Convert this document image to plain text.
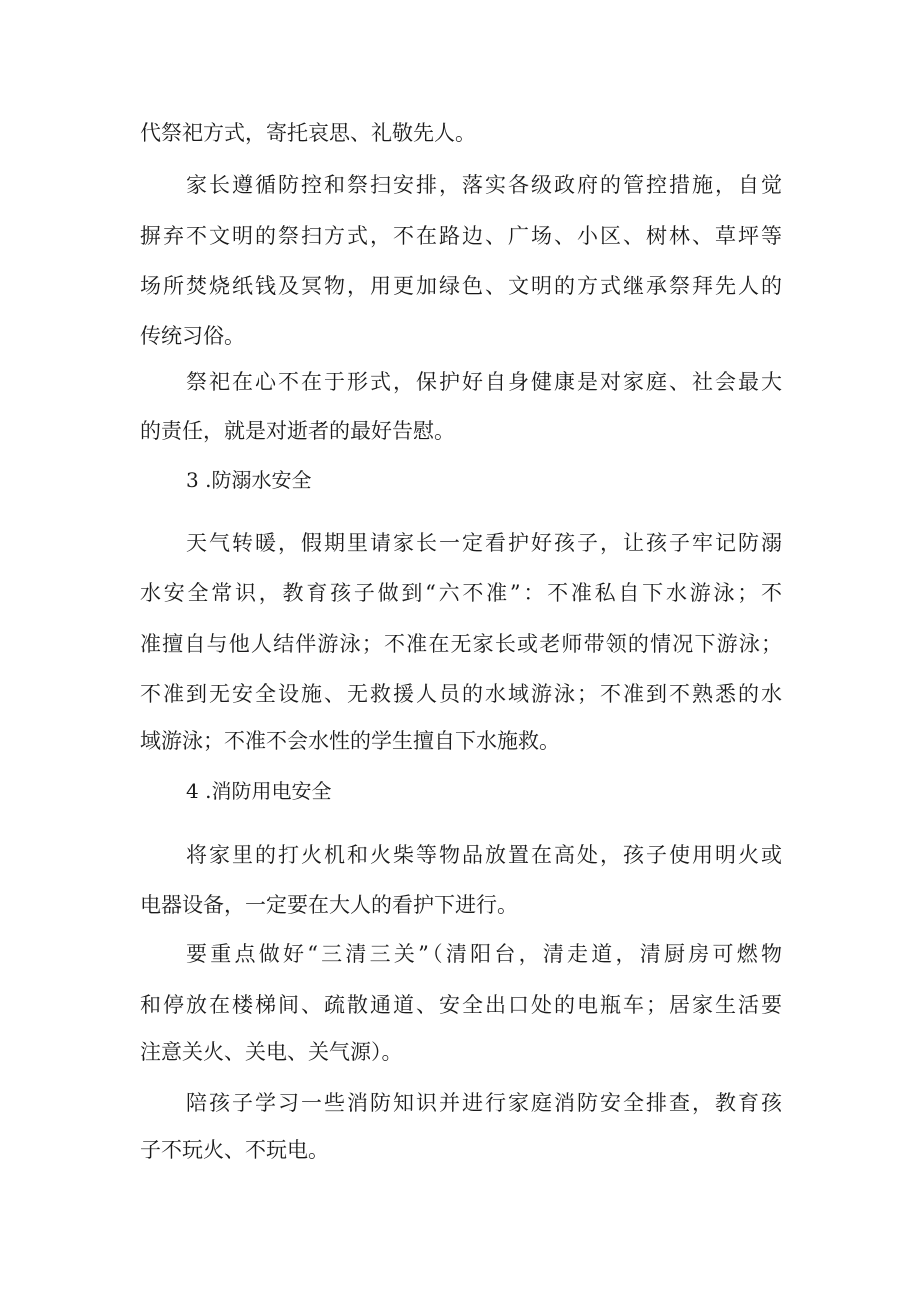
代祭祀方式，寄托哀思、礼敬先人。
家长遵循防控和祭扫安排，落实各级政府的管控措施，自觉
摒弃不文明的祭扫方式，不在路边、广场、小区、树林、草坪等
场所焚烧纸钱及冥物，用更加绿色、文明的方式继承祭拜先人的
传统习俗。
祭祀在心不在于形式，保护好自身健康是对家庭、社会最大
的责任，就是对逝者的最好告慰。
3 .防溺水安全
天气转暖，假期里请家长一定看护好孩子，让孩子牢记防溺
水安全常识，教育孩子做到“六不准”：不准私自下水游泳；不
准擅自与他人结伴游泳；不准在无家长或老师带领的情况下游泳；
不准到无安全设施、无救援人员的水域游泳；不准到不熟悉的水
域游泳；不准不会水性的学生擅自下水施救。
4 .消防用电安全
将家里的打火机和火柴等物品放置在高处，孩子使用明火或
电器设备，一定要在大人的看护下进行。
要重点做好“三清三关”（清阳台，清走道，清厨房可燃物
和停放在楼梯间、疏散通道、安全出口处的电瓶车；居家生活要
注意关火、关电、关气源）。
陪孩子学习一些消防知识并进行家庭消防安全排查，教育孩
子不玩火、不玩电。
